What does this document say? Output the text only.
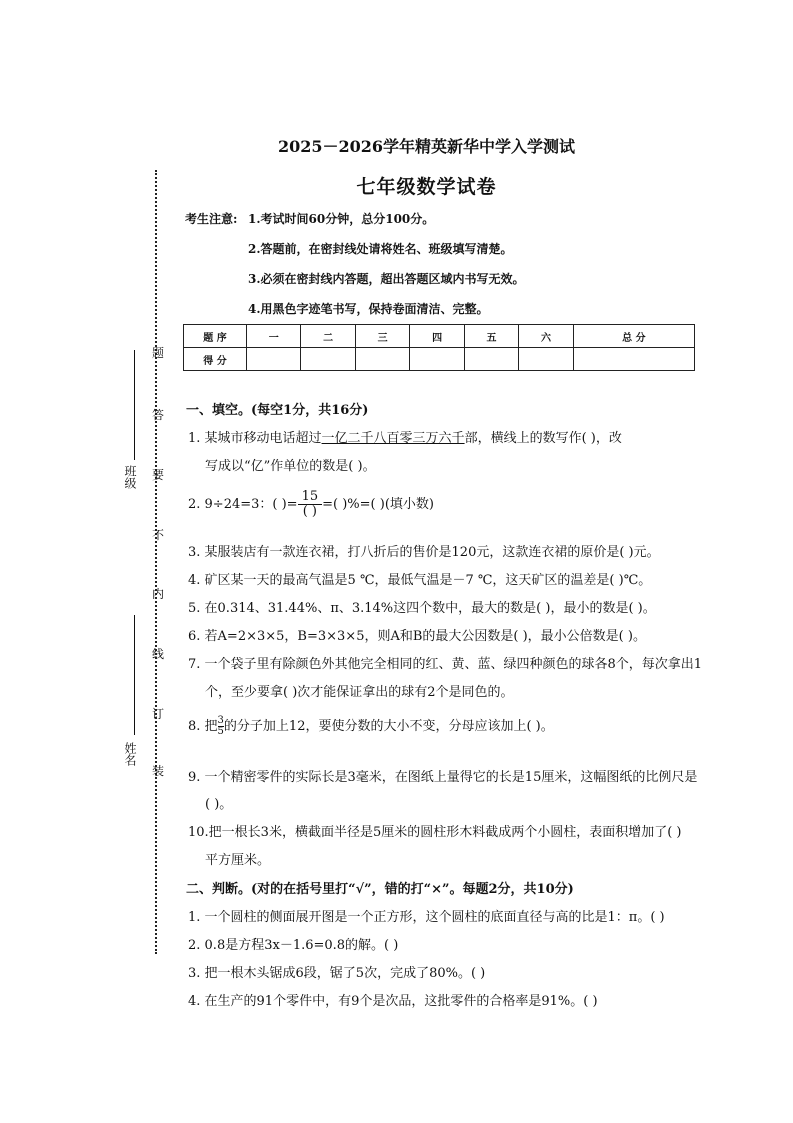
2025－2026学年精英新华中学入学测试
七年级数学试卷
班级
姓名
题
答
要
不
内
线
订
装
考生注意: 1.考试时间60分钟，总分100分。
2.答题前，在密封线处请将姓名、班级填写清楚。
3.必须在密封线内答题，超出答题区域内书写无效。
4.用黑色字迹笔书写，保持卷面清洁、完整。
题 序	一	二	三	四	五	六	总 分
得 分							
一、填空。(每空1分，共16分)
1. 某城市移动电话超过一亿二千八百零三万六千部，横线上的数写作( )，改
写成以“亿”作单位的数是( )。
2. 9÷24=3：( )= $\frac{15}{( )}$ =( )%=( )(填小数)
3. 某服装店有一款连衣裙，打八折后的售价是120元，这款连衣裙的原价是( )元。
4. 矿区某一天的最高气温是5 ℃，最低气温是－7 ℃，这天矿区的温差是( )℃。
5. 在0.314、31.44%、π、3.14%这四个数中，最大的数是( )，最小的数是( )。
6. 若A=2×3×5，B=3×3×5，则A和B的最大公因数是( )，最小公倍数是( )。
7. 一个袋子里有除颜色外其他完全相同的红、黄、蓝、绿四种颜色的球各8个，每次拿出1
个，至少要拿( )次才能保证拿出的球有2个是同色的。
8. 把 $\frac{3}{5}$的分子加上12，要使分数的大小不变，分母应该加上( )。
9. 一个精密零件的实际长是3毫米，在图纸上量得它的长是15厘米，这幅图纸的比例尺是
( )。
10.把一根长3米，横截面半径是5厘米的圆柱形木料截成两个小圆柱，表面积增加了( )
平方厘米。
二、判断。(对的在括号里打“√”，错的打“×”。每题2分，共10分)
1. 一个圆柱的侧面展开图是一个正方形，这个圆柱的底面直径与高的比是1：π。( )
2. 0.8是方程3x－1.6=0.8的解。( )
3. 把一根木头锯成6段，锯了5次，完成了80%。( )
4. 在生产的91个零件中，有9个是次品，这批零件的合格率是91%。( )
